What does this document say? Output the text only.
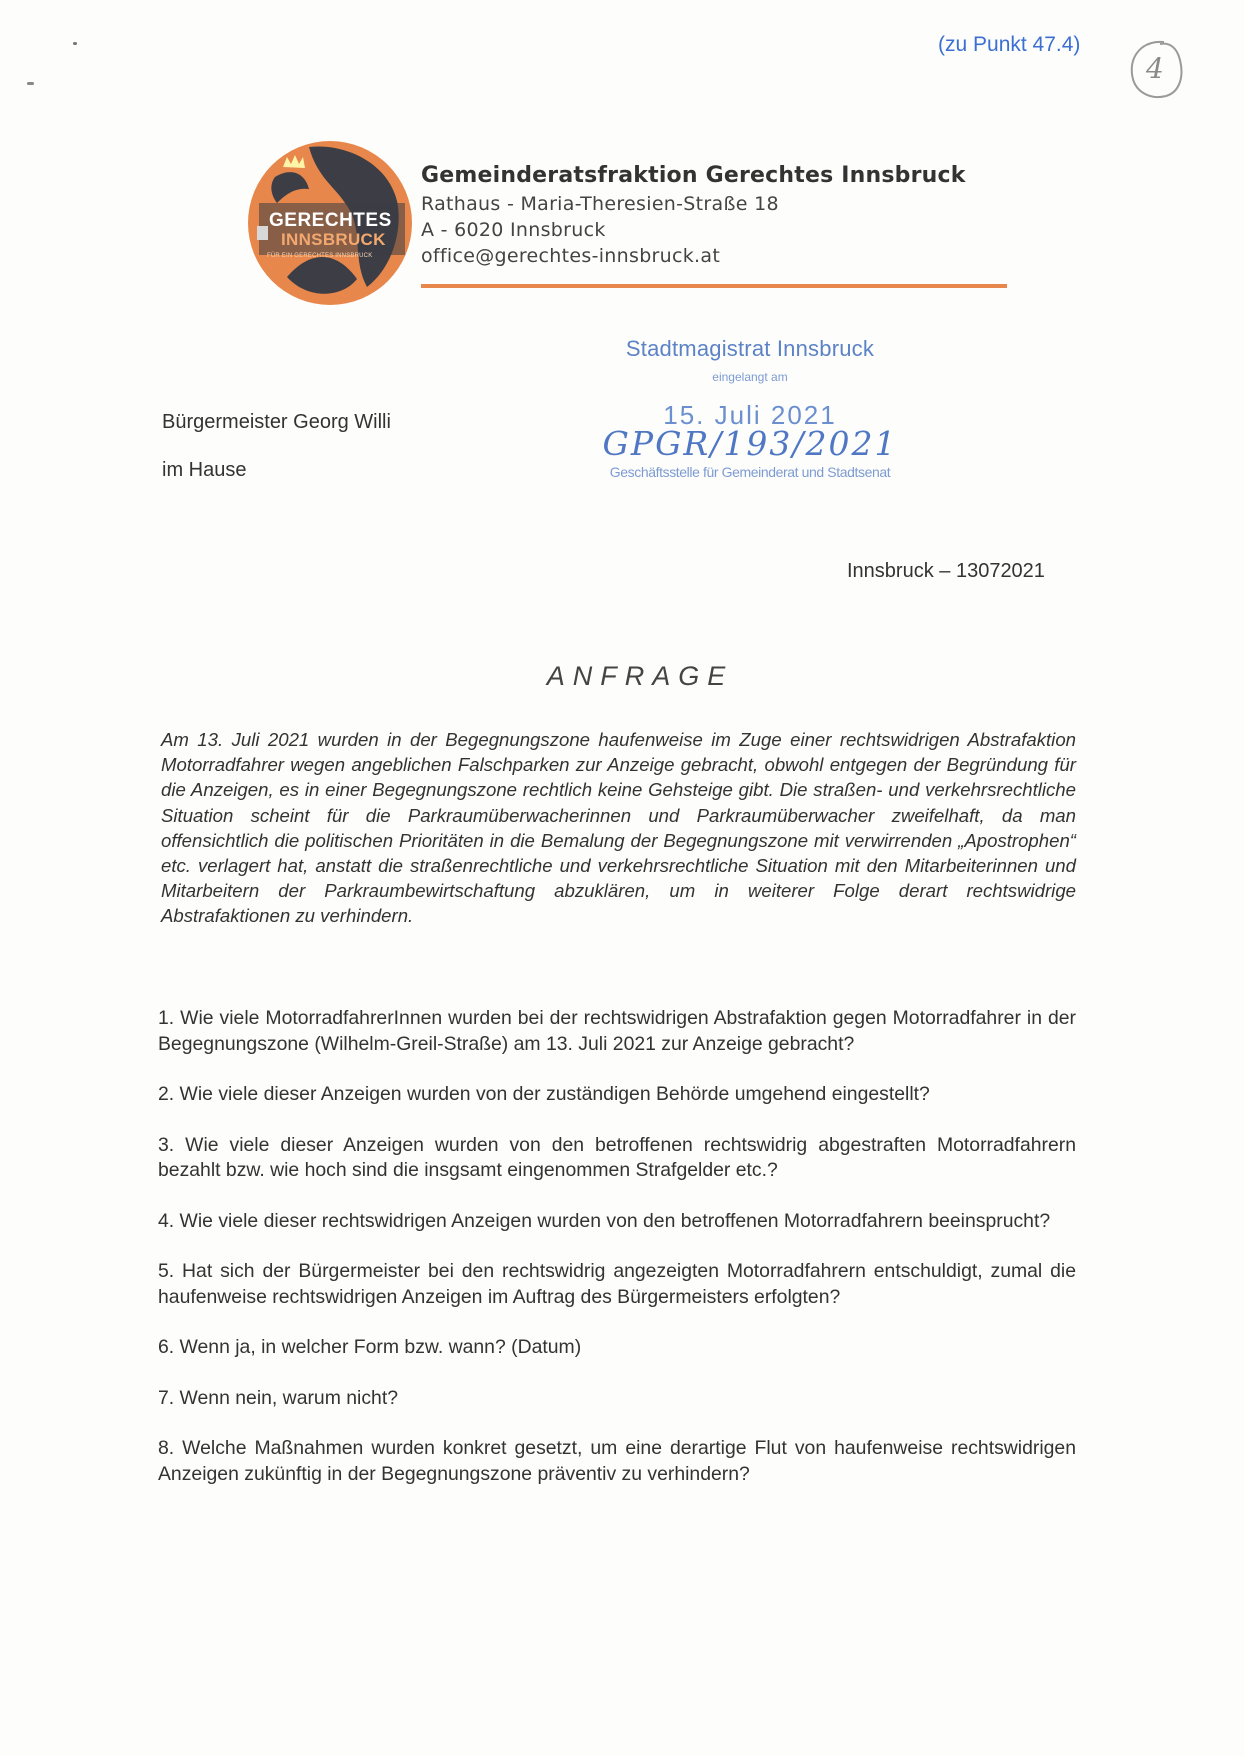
(zu Punkt 47.4)
4
GERECHTES
INNSBRUCK
FÜR EIN GERECHTES INNSBRUCK
Gemeinderatsfraktion Gerechtes Innsbruck
Rathaus - Maria-Theresien-Straße 18
A - 6020 Innsbruck
office@gerechtes-innsbruck.at
Stadtmagistrat Innsbruck
eingelangt am
15. Juli 2021
GPGR/193/2021
Geschäftsstelle für Gemeinderat und Stadtsenat
Bürgermeister Georg Willi
im Hause
Innsbruck – 13072021
ANFRAGE
Am 13. Juli 2021 wurden in der Begegnungszone haufenweise im Zuge einer rechtswidrigen Abstrafaktion Motorradfahrer wegen angeblichen Falschparken zur Anzeige gebracht, obwohl entgegen der Begründung für die Anzeigen, es in einer Begegnungszone rechtlich keine Gehsteige gibt. Die straßen- und verkehrsrechtliche Situation scheint für die Parkraumüberwacherinnen und Parkraumüberwacher zweifelhaft, da man offensichtlich die politischen Prioritäten in die Bemalung der Begegnungszone mit verwirrenden „Apostrophen“ etc. verlagert hat, anstatt die straßenrechtliche und verkehrsrechtliche Situation mit den Mitarbeiterinnen und Mitarbeitern der Parkraumbewirtschaftung abzuklären, um in weiterer Folge derart rechtswidrige Abstrafaktionen zu verhindern.
1. Wie viele MotorradfahrerInnen wurden bei der rechtswidrigen Abstrafaktion gegen Motorradfahrer in der Begegnungszone (Wilhelm-Greil-Straße) am 13. Juli 2021 zur Anzeige gebracht?
2. Wie viele dieser Anzeigen wurden von der zuständigen Behörde umgehend eingestellt?
3. Wie viele dieser Anzeigen wurden von den betroffenen rechtswidrig abgestraften Motorradfahrern bezahlt bzw. wie hoch sind die insgsamt eingenommen Strafgelder etc.?
4. Wie viele dieser rechtswidrigen Anzeigen wurden von den betroffenen Motorradfahrern beeinsprucht?
5. Hat sich der Bürgermeister bei den rechtswidrig angezeigten Motorradfahrern entschuldigt, zumal die haufenweise rechtswidrigen Anzeigen im Auftrag des Bürgermeisters erfolgten?
6. Wenn ja, in welcher Form bzw. wann? (Datum)
7. Wenn nein, warum nicht?
8. Welche Maßnahmen wurden konkret gesetzt, um eine derartige Flut von haufenweise rechtswidrigen Anzeigen zukünftig in der Begegnungszone präventiv zu verhindern?
